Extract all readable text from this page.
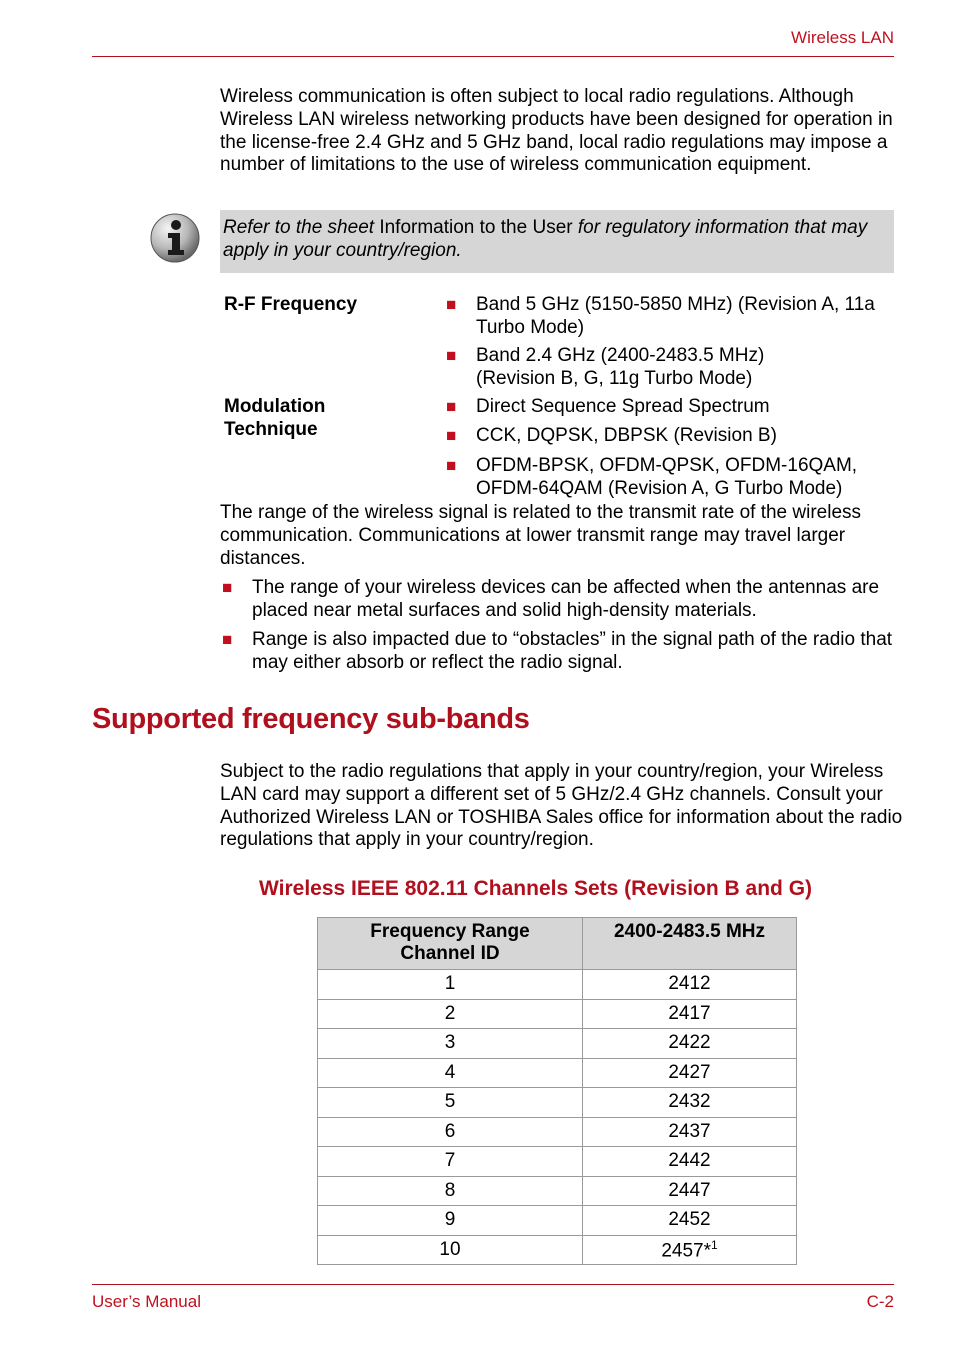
Wireless LAN
Wireless communication is often subject to local radio regulations. Although Wireless LAN wireless networking products have been designed for operation in the license-free 2.4 GHz and 5 GHz band, local radio regulations may impose a number of limitations to the use of wireless communication equipment.
Refer to the sheet Information to the User for regulatory information that may apply in your country/region.
R-F Frequency	■ Band 5 GHz (5150-5850 MHz) (Revision A, 11a Turbo Mode)
■ Band 2.4 GHz (2400-2483.5 MHz) (Revision B, G, 11g Turbo Mode)
Modulation
Technique
■ Direct Sequence Spread Spectrum
■ CCK, DQPSK, DBPSK (Revision B)
■ OFDM-BPSK, OFDM-QPSK, OFDM-16QAM, OFDM-64QAM (Revision A, G Turbo Mode)
The range of the wireless signal is related to the transmit rate of the wireless communication. Communications at lower transmit range may travel larger distances.
■ The range of your wireless devices can be affected when the antennas are placed near metal surfaces and solid high-density materials.
■ Range is also impacted due to “obstacles” in the signal path of the radio that may either absorb or reflect the radio signal.
Supported frequency sub-bands
Subject to the radio regulations that apply in your country/region, your Wireless LAN card may support a different set of 5 GHz/2.4 GHz channels. Consult your Authorized Wireless LAN or TOSHIBA Sales office for information about the radio regulations that apply in your country/region.
Wireless IEEE 802.11 Channels Sets (Revision B and G)
Frequency Range
Channel ID	2400-2483.5 MHz
1	2412
2	2417
3	2422
4	2427
5	2432
6	2437
7	2442
8	2447
9	2452
10	2457*$^1$
User’s Manual	C-2
